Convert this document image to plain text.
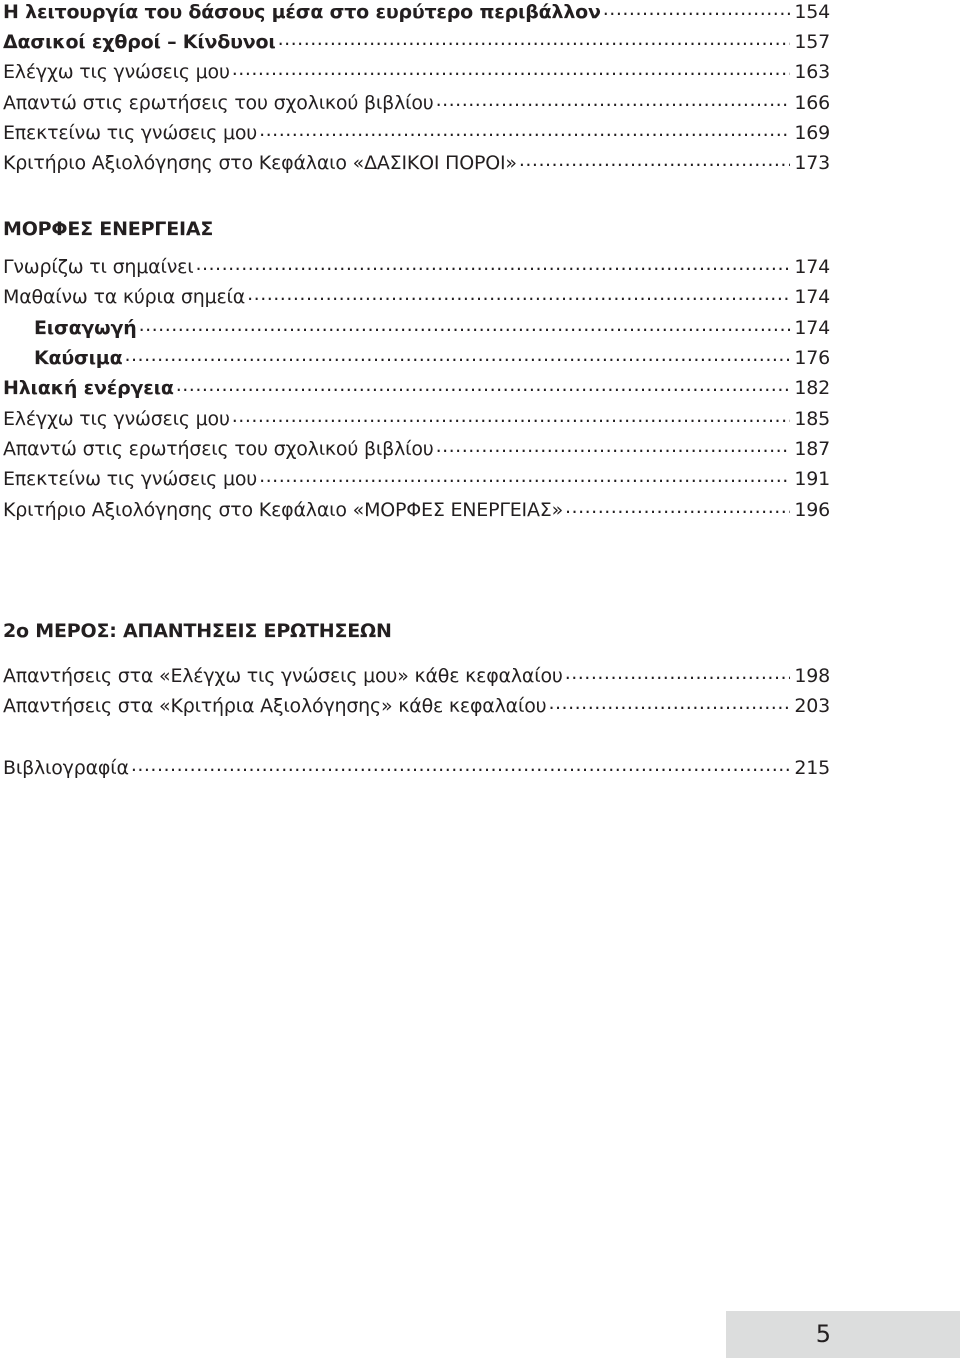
Η λειτουργία του δάσους μέσα στο ευρύτερο περιβάλλον .....	154
Δασικοί εχθροί – Κίνδυνοι .....	157
Ελέγχω τις γνώσεις μου .....	163
Απαντώ στις ερωτήσεις του σχολικού βιβλίου .....	166
Επεκτείνω τις γνώσεις μου .....	169
Κριτήριο Αξιολόγησης στο Κεφάλαιο «ΔΑΣΙΚΟΙ ΠΟΡΟΙ» .....	173
ΜΟΡΦΕΣ ΕΝΕΡΓΕΙΑΣ
Γνωρίζω τι σημαίνει .....	174
Μαθαίνω τα κύρια σημεία .....	174
Εισαγωγή .....	174
Καύσιμα .....	176
Ηλιακή ενέργεια .....	182
Ελέγχω τις γνώσεις μου .....	185
Απαντώ στις ερωτήσεις του σχολικού βιβλίου .....	187
Επεκτείνω τις γνώσεις μου .....	191
Κριτήριο Αξιολόγησης στο Κεφάλαιο «ΜΟΡΦΕΣ ΕΝΕΡΓΕΙΑΣ» .....	196
2ο ΜΕΡΟΣ: ΑΠΑΝΤΗΣΕΙΣ ΕΡΩΤΗΣΕΩΝ
Απαντήσεις στα «Ελέγχω τις γνώσεις μου» κάθε κεφαλαίου .....	198
Απαντήσεις στα «Κριτήρια Αξιολόγησης» κάθε κεφαλαίου .....	203
Βιβλιογραφία .....	215
5
